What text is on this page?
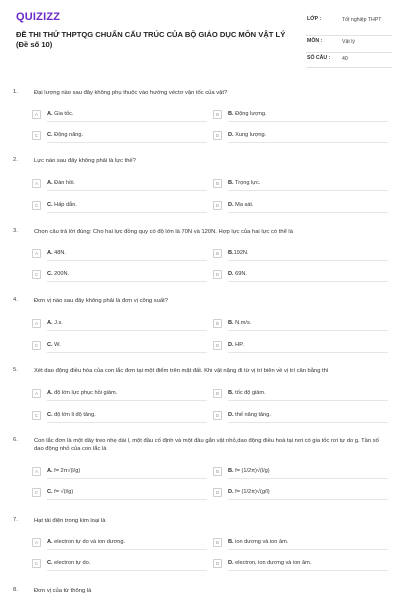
QUIZIZZ
ĐỀ THI THỬ THPTQG CHUẨN CẤU TRÚC CỦA BỘ GIÁO DỤC MÔN VẬT LÝ (Đề số 10)
LỚP :	Tốt nghiệp THPT
MÔN :	Vật lý
SỐ CÂU : 40
1.	Đại lượng nào sau đây không phụ thuộc vào hướng véctơ vận tốc của vật?
A	A. Gia tốc.	B	B. Động lượng.
C	C. Động năng.	D	D. Xung lượng.
2.	Lực nào sau đây không phải là lực thế?
A	A. Đàn hồi.	B	B. Trọng lực.
C	C. Hấp dẫn.	D	D. Ma sát.
3.	Chọn câu trả lời đúng: Cho hai lực đồng quy có độ lớn là 70N và 120N. Hợp lực của hai lực có thể là
A	A. 48N.	B	B.192N.
C	C. 200N.	D	D. 69N.
4.	Đơn vị nào sau đây không phải là đơn vị công suất?
A	A. J.s.	B	B. N.m/s.
C	C. W.	D	D. HP.
5.	Xét dao động điều hòa của con lắc đơn tại một điểm trên mặt đất. Khi vật nặng đi từ vị trí biên về vị trí cân bằng thì
A	A. độ lớn lực phục hồi giảm.	B	B. tốc độ giảm.
C	C. độ lớn li độ tăng.	D	D. thế năng tăng.
6.	Con lắc đơn là một dây treo nhẹ dài l, một đầu cố định và một đầu gắn vật nhỏ,dao động điều hoà tại nơi có gia tốc rơi tự do g. Tần số dao động nhỏ của con lắc là
A	A. f= 2π√(l/g)	B	B. f= (1/2π)√(l/g)
C	C. f= √(l/g)	D	D. f= (1/2π)√(g/l)
7.	Hạt tải điện trong kim loại là
A	A. electron tự do và ion dương.	B	B. ion dương và ion âm.
C	C. electron tự do.	D	D. electron, ion dương và ion âm.
8.	Đơn vị của từ thông là
